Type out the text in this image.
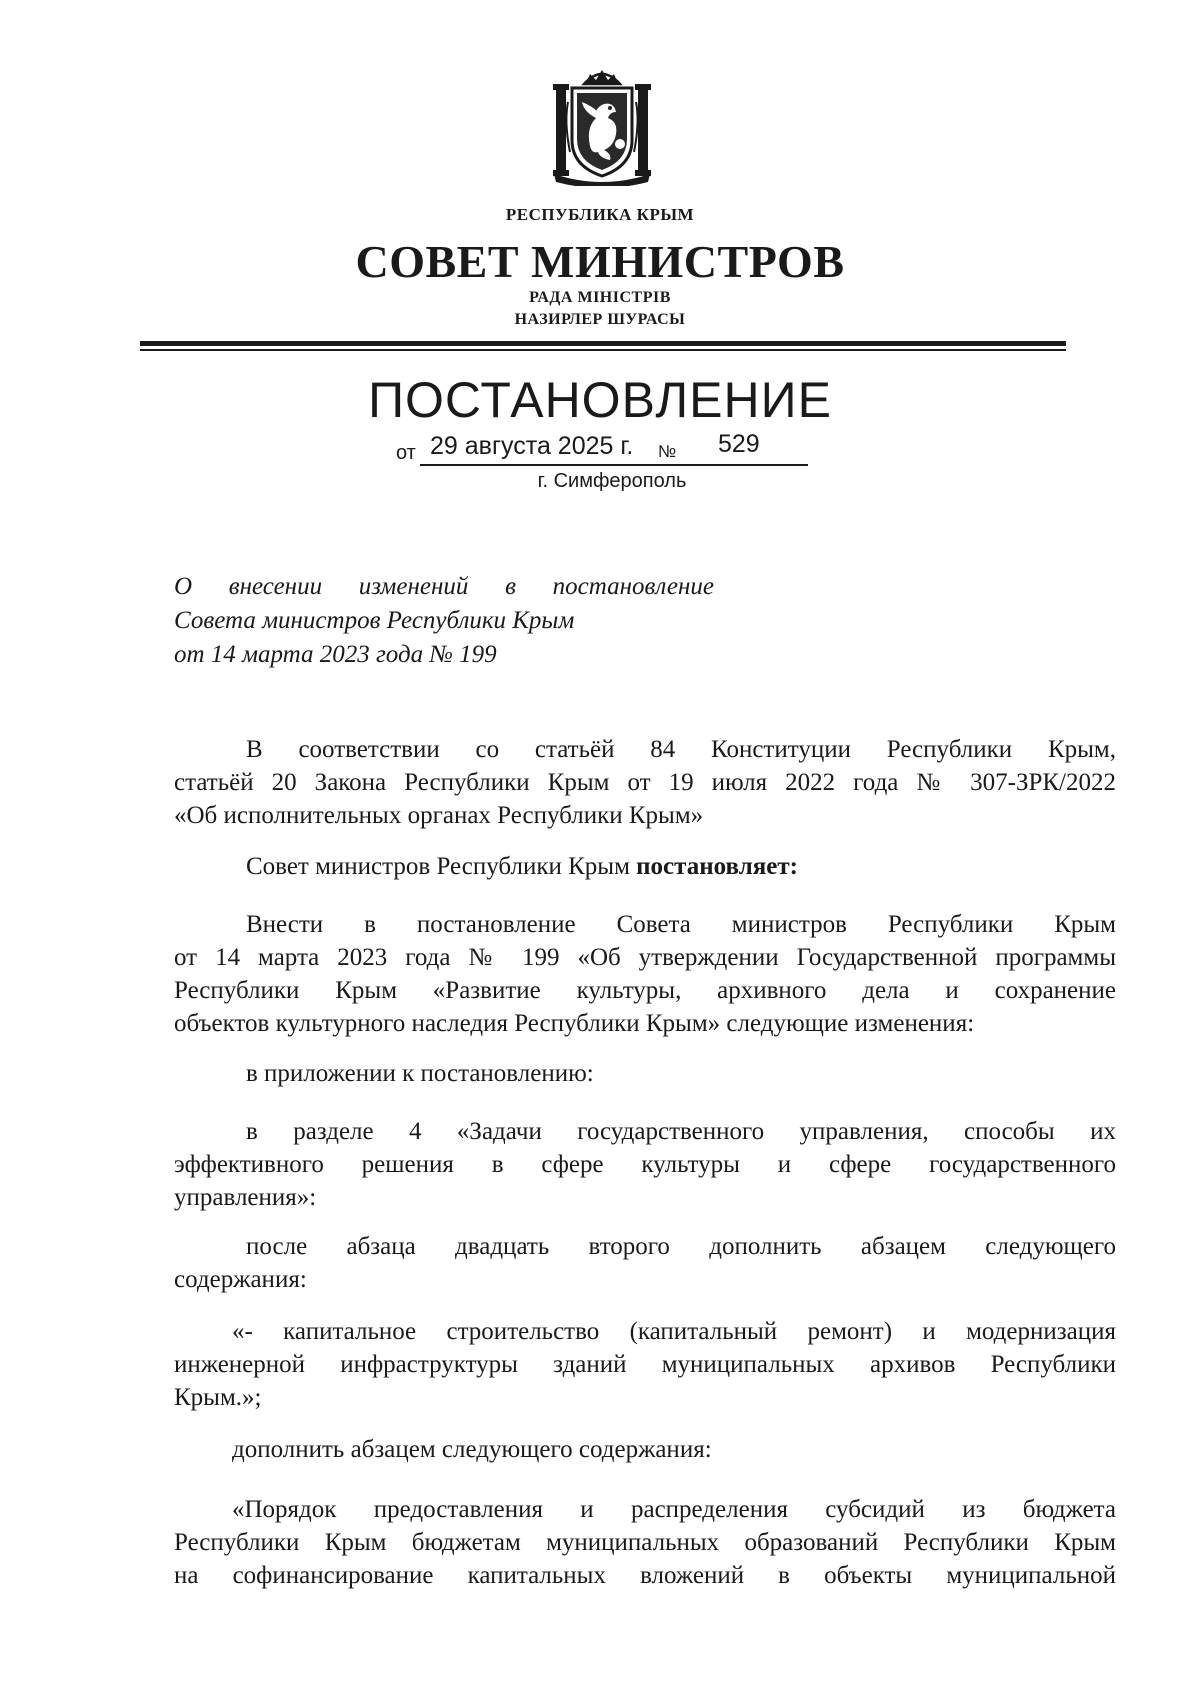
РЕСПУБЛИКА КРЫМ
СОВЕТ МИНИСТРОВ
РАДА МІНІСТРІВ
НАЗИРЛЕР ШУРАСЫ
ПОСТАНОВЛЕНИЕ
от 29 августа 2025 г. № 529
г. Симферополь
О внесении изменений в постановление
Совета министров Республики Крым
от 14 марта 2023 года № 199
В соответствии со статьёй 84 Конституции Республики Крым,
статьёй 20 Закона Республики Крым от 19 июля 2022 года № 307-ЗРК/2022
«Об исполнительных органах Республики Крым»
Совет министров Республики Крым постановляет:
Внести в постановление Совета министров Республики Крым
от 14 марта 2023 года № 199 «Об утверждении Государственной программы
Республики Крым «Развитие культуры, архивного дела и сохранение
объектов культурного наследия Республики Крым» следующие изменения:
в приложении к постановлению:
в разделе 4 «Задачи государственного управления, способы их
эффективного решения в сфере культуры и сфере государственного
управления»:
после абзаца двадцать второго дополнить абзацем следующего
содержания:
«- капитальное строительство (капитальный ремонт) и модернизация
инженерной инфраструктуры зданий муниципальных архивов Республики
Крым.»;
дополнить абзацем следующего содержания:
«Порядок предоставления и распределения субсидий из бюджета
Республики Крым бюджетам муниципальных образований Республики Крым
на софинансирование капитальных вложений в объекты муниципальной
